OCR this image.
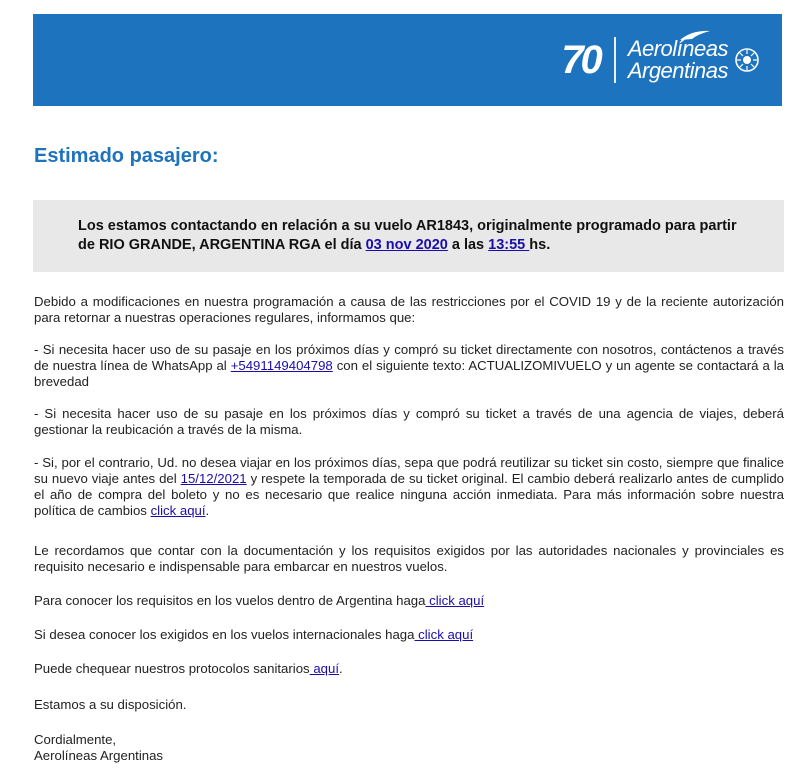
70 Aerolíneas
Argentinas
Estimado pasajero:
Los estamos contactando en relación a su vuelo AR1843, originalmente programado para partir de RIO GRANDE, ARGENTINA RGA el día 03 nov 2020 a las 13:55 hs.

Debido a modificaciones en nuestra programación a causa de las restricciones por el COVID 19 y de la reciente autorización para retornar a nuestras operaciones regulares, informamos que:

- Si necesita hacer uso de su pasaje en los próximos días y compró su ticket directamente con nosotros, contáctenos a través de nuestra línea de WhatsApp al +5491149404798 con el siguiente texto: ACTUALIZOMIVUELO y un agente se contactará a la brevedad

- Si necesita hacer uso de su pasaje en los próximos días y compró su ticket a través de una agencia de viajes, deberá gestionar la reubicación a través de la misma.

- Si, por el contrario, Ud. no desea viajar en los próximos días, sepa que podrá reutilizar su ticket sin costo, siempre que finalice su nuevo viaje antes del 15/12/2021 y respete la temporada de su ticket original. El cambio deberá realizarlo antes de cumplido el año de compra del boleto y no es necesario que realice ninguna acción inmediata. Para más información sobre nuestra política de cambios click aquí.

Le recordamos que contar con la documentación y los requisitos exigidos por las autoridades nacionales y provinciales es requisito necesario e indispensable para embarcar en nuestros vuelos.

Para conocer los requisitos en los vuelos dentro de Argentina haga click aquí

Si desea conocer los exigidos en los vuelos internacionales haga click aquí

Puede chequear nuestros protocolos sanitarios aquí.

Estamos a su disposición.

Cordialmente,

Aerolíneas Argentinas
